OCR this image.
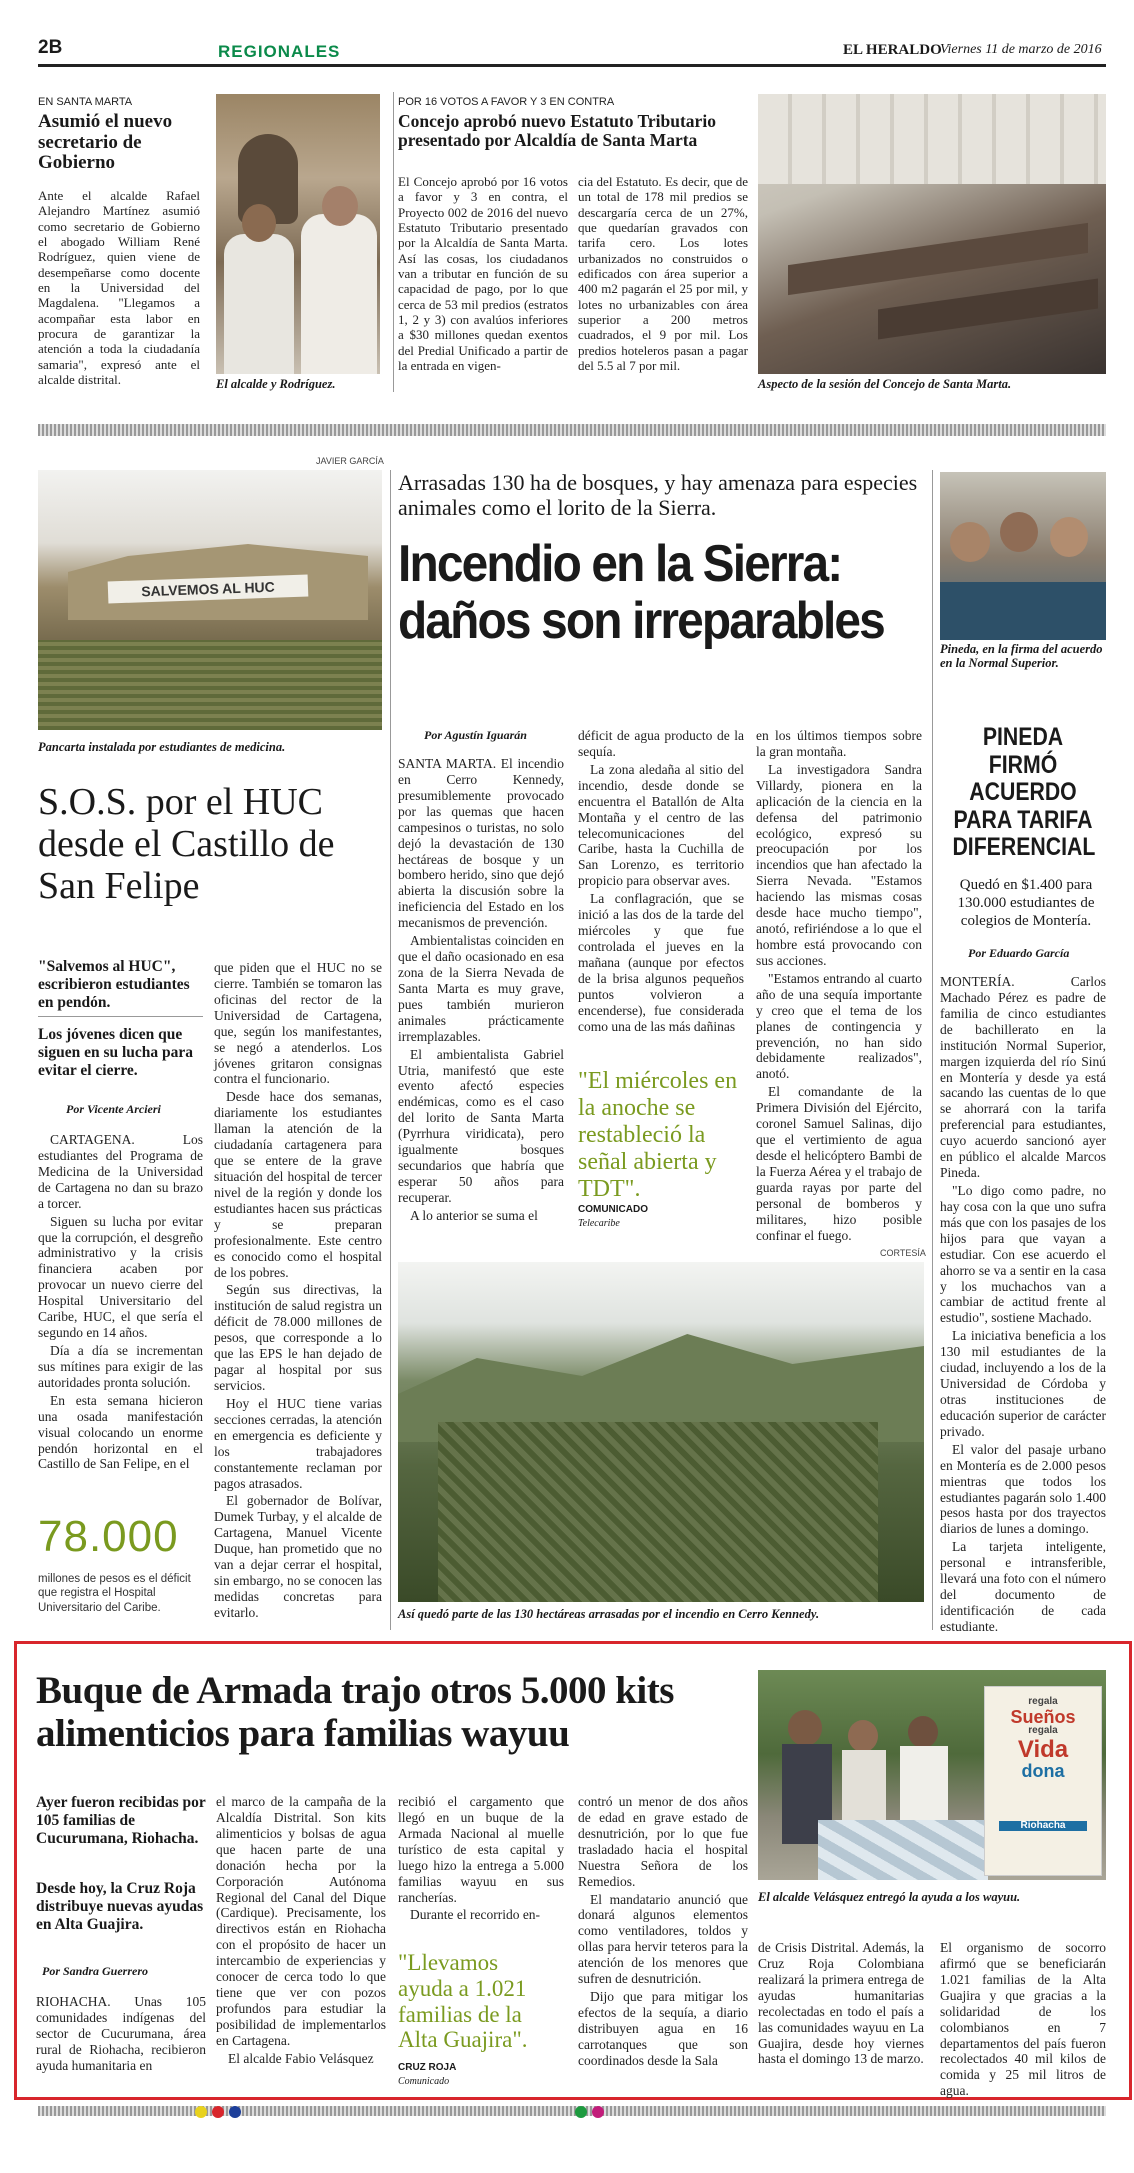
2B	REGIONALES	EL HERALDO
Viernes 11 de marzo de 2016
EN SANTA MARTA
Asumió el nuevo secretario de Gobierno
Ante el alcalde Rafael Alejandro Martínez asumió como secretario de Gobierno el abogado William René Rodríguez, quien viene de desempeñarse como docente en la Universidad del Magdalena. "Llegamos a acompañar esta labor en procura de garantizar la atención a toda la ciudadanía samaria", expresó ante el alcalde distrital.	El alcalde y Rodríguez.
POR 16 VOTOS A FAVOR Y 3 EN CONTRA
Concejo aprobó nuevo Estatuto Tributario presentado por Alcaldía de Santa Marta
El Concejo aprobó por 16 votos a favor y 3 en contra, el Proyecto 002 de 2016 del nuevo Estatuto Tributario presentado por la Alcaldía de Santa Marta. Así las cosas, los ciudadanos van a tributar en función de su capacidad de pago, por lo que cerca de 53 mil predios (estratos 1, 2 y 3) con avalúos inferiores a $30 millones quedan exentos del Predial Unificado a partir de la entrada en vigen-
cia del Estatuto. Es decir, que de un total de 178 mil predios se descargaría cerca de un 27%, que quedarían gravados con tarifa cero. Los lotes urbanizados no construidos o edificados con área superior a 400 m2 pagarán el 25 por mil, y lotes no urbanizables con área superior a 200 metros cuadrados, el 9 por mil. Los predios hoteleros pasan a pagar del 5.5 al 7 por mil.
Aspecto de la sesión del Concejo de Santa Marta.
JAVIER GARCÍA
SALVEMOS AL HUC
Pancarta instalada por estudiantes de medicina.
S.O.S. por el HUC desde el Castillo de San Felipe
"Salvemos al HUC", escribieron estudiantes en pendón.
Los jóvenes dicen que siguen en su lucha para evitar el cierre.
Por Vicente Arcieri

CARTAGENA. Los estudiantes del Programa de Medicina de la Universidad de Cartagena no dan su brazo a torcer.

Siguen su lucha por evitar que la corrupción, el desgreño administrativo y la crisis financiera acaben por provocar un nuevo cierre del Hospital Universitario del Caribe, HUC, el que sería el segundo en 14 años.

Día a día se incrementan sus mítines para exigir de las autoridades pronta solución.

En esta semana hicieron una osada manifestación visual colocando un enorme pendón horizontal en el Castillo de San Felipe, en el

78.000
millones de pesos es el déficit que registra el Hospital Universitario del Caribe.

que piden que el HUC no se cierre. También se tomaron las oficinas del rector de la Universidad de Cartagena, que, según los manifestantes, se negó a atenderlos. Los jóvenes gritaron consignas contra el funcionario.

Desde hace dos semanas, diariamente los estudiantes llaman la atención de la ciudadanía cartagenera para que se entere de la grave situación del hospital de tercer nivel de la región y donde los estudiantes hacen sus prácticas y se preparan profesionalmente. Este centro es conocido como el hospital de los pobres.

Según sus directivas, la institución de salud registra un déficit de 78.000 millones de pesos, que corresponde a lo que las EPS le han dejado de pagar al hospital por sus servicios.

Hoy el HUC tiene varias secciones cerradas, la atención en emergencia es deficiente y los trabajadores constantemente reclaman por pagos atrasados.

El gobernador de Bolívar, Dumek Turbay, y el alcalde de Cartagena, Manuel Vicente Duque, han prometido que no van a dejar cerrar el hospital, sin embargo, no se conocen las medidas concretas para evitarlo.

Arrasadas 130 ha de bosques, y hay amenaza para especies animales como el lorito de la Sierra.
Incendio en la Sierra: daños son irreparables
Por Agustín Iguarán

SANTA MARTA. El incendio en Cerro Kennedy, presumiblemente provocado por las quemas que hacen campesinos o turistas, no solo dejó la devastación de 130 hectáreas de bosque y un bombero herido, sino que dejó abierta la discusión sobre la ineficiencia del Estado en los mecanismos de prevención.

Ambientalistas coinciden en que el daño ocasionado en esa zona de la Sierra Nevada de Santa Marta es muy grave, pues también murieron animales prácticamente irremplazables.

El ambientalista Gabriel Utria, manifestó que este evento afectó especies endémicas, como es el caso del lorito de Santa Marta (Pyrrhura viridicata), pero igualmente bosques secundarios que habría que esperar 50 años para recuperar.

A lo anterior se suma el

déficit de agua producto de la sequía.

La zona aledaña al sitio del incendio, desde donde se encuentra el Batallón de Alta Montaña y el centro de las telecomunicaciones del Caribe, hasta la Cuchilla de San Lorenzo, es territorio propicio para observar aves.

La conflagración, que se inició a las dos de la tarde del miércoles y que fue controlada el jueves en la mañana (aunque por efectos de la brisa algunos pequeños puntos volvieron a encenderse), fue considerada como una de las más dañinas

"El miércoles en la anoche se restableció la señal abierta y TDT".
COMUNICADO
Telecaribe

en los últimos tiempos sobre la gran montaña.

La investigadora Sandra Villardy, pionera en la aplicación de la ciencia en la defensa del patrimonio ecológico, expresó su preocupación por los incendios que han afectado la Sierra Nevada. "Estamos haciendo las mismas cosas desde hace mucho tiempo", anotó, refiriéndose a lo que el hombre está provocando con sus acciones.

"Estamos entrando al cuarto año de una sequía importante y creo que el tema de los planes de contingencia y prevención, no han sido debidamente realizados", anotó.

El comandante de la Primera División del Ejército, coronel Samuel Salinas, dijo que el vertimiento de agua desde el helicóptero Bambi de la Fuerza Aérea y el trabajo de guarda rayas por parte del personal de bomberos y militares, hizo posible confinar el fuego.

CORTESÍA
Así quedó parte de las 130 hectáreas arrasadas por el incendio en Cerro Kennedy.
Pineda, en la firma del acuerdo en la Normal Superior.
PINEDA FIRMÓ ACUERDO PARA TARIFA DIFERENCIAL
Quedó en $1.400 para 130.000 estudiantes de colegios de Montería.
Por Eduardo García

MONTERÍA. Carlos Machado Pérez es padre de familia de cinco estudiantes de bachillerato en la institución Normal Superior, margen izquierda del río Sinú en Montería y desde ya está sacando las cuentas de lo que se ahorrará con la tarifa preferencial para estudiantes, cuyo acuerdo sancionó ayer en público el alcalde Marcos Pineda.

"Lo digo como padre, no hay cosa con la que uno sufra más que con los pasajes de los hijos para que vayan a estudiar. Con ese acuerdo el ahorro se va a sentir en la casa y los muchachos van a cambiar de actitud frente al estudio", sostiene Machado.

La iniciativa beneficia a los 130 mil estudiantes de la ciudad, incluyendo a los de la Universidad de Córdoba y otras instituciones de educación superior de carácter privado.

El valor del pasaje urbano en Montería es de 2.000 pesos mientras que todos los estudiantes pagarán solo 1.400 pesos hasta por dos trayectos diarios de lunes a domingo.

La tarjeta inteligente, personal e intransferible, llevará una foto con el número del documento de identificación de cada estudiante.

Buque de Armada trajo otros 5.000 kits alimenticios para familias wayuu
Ayer fueron recibidas por 105 familias de Cucurumana, Riohacha.
Desde hoy, la Cruz Roja distribuye nuevas ayudas en Alta Guajira.
Por Sandra Guerrero
RIOHACHA. Unas 105 comunidades indígenas del sector de Cucurumana, área rural de Riohacha, recibieron ayuda humanitaria en

el marco de la campaña de la Alcaldía Distrital. Son kits alimenticios y bolsas de agua que hacen parte de una donación hecha por la Corporación Autónoma Regional del Canal del Dique (Cardique). Precisamente, los directivos están en Riohacha con el propósito de hacer un intercambio de experiencias y conocer de cerca todo lo que tiene que ver con pozos profundos para estudiar la posibilidad de implementarlos en Cartagena.

El alcalde Fabio Velásquez

recibió el cargamento que llegó en un buque de la Armada Nacional al muelle turístico de esta capital y luego hizo la entrega a 5.000 familias wayuu en sus rancherías.

Durante el recorrido en-

"Llevamos ayuda a 1.021 familias de la Alta Guajira".
CRUZ ROJA
Comunicado

contró un menor de dos años de edad en grave estado de desnutrición, por lo que fue trasladado hacia el hospital Nuestra Señora de los Remedios.

El mandatario anunció que donará algunos elementos como ventiladores, toldos y ollas para hervir teteros para la atención de los menores que sufren de desnutrición.

Dijo que para mitigar los efectos de la sequía, a diario distribuyen agua en 16 carrotanques que son coordinados desde la Sala

regala
Sueños
regala
Vida
dona
Riohacha
El alcalde Velásquez entregó la ayuda a los wayuu.
de Crisis Distrital. Además, la Cruz Roja Colombiana realizará la primera entrega de ayudas humanitarias recolectadas en todo el país a las comunidades wayuu en La Guajira, desde hoy viernes hasta el domingo 13 de marzo.
El organismo de socorro afirmó que se beneficiarán 1.021 familias de la Alta Guajira y que gracias a la solidaridad de los colombianos en 7 departamentos del país fueron recolectados 40 mil kilos de comida y 25 mil litros de agua.
